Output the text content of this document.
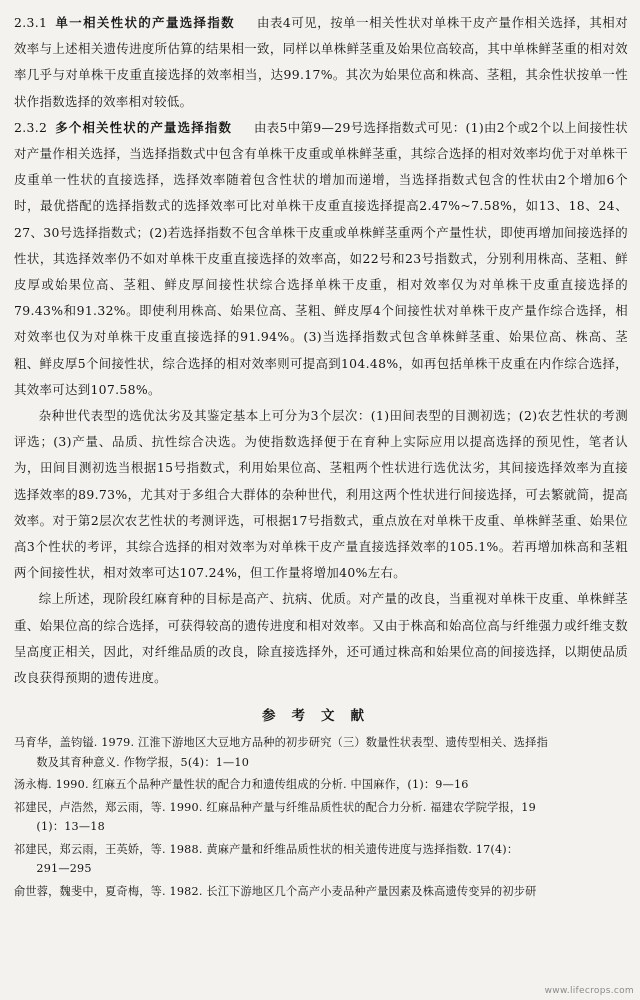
2.3.1 单一相关性状的产量选择指数 由表4可见，按单一相关性状对单株干皮产量作相关选择，其相对效率与上述相关遗传进度所估算的结果相一致，同样以单株鲜茎重及始果位高较高，其中单株鲜茎重的相对效率几乎与对单株干皮重直接选择的效率相当，达99.17%。其次为始果位高和株高、茎粗，其余性状按单一性状作指数选择的效率相对较低。

2.3.2 多个相关性状的产量选择指数 由表5中第9—29号选择指数式可见：(1)由2个或2个以上间接性状对产量作相关选择，当选择指数式中包含有单株干皮重或单株鲜茎重，其综合选择的相对效率均优于对单株干皮重单一性状的直接选择，选择效率随着包含性状的增加而递增，当选择指数式包含的性状由2个增加6个时，最优搭配的选择指数式的选择效率可比对单株干皮重直接选择提高2.47%~7.58%，如13、18、24、27、30号选择指数式；(2)若选择指数不包含单株干皮重或单株鲜茎重两个产量性状，即使再增加间接选择的性状，其选择效率仍不如对单株干皮重直接选择的效率高，如22号和23号指数式，分别利用株高、茎粗、鲜皮厚或始果位高、茎粗、鲜皮厚间接性状综合选择单株干皮重，相对效率仅为对单株干皮重直接选择的79.43%和91.32%。即使利用株高、始果位高、茎粗、鲜皮厚4个间接性状对单株干皮产量作综合选择，相对效率也仅为对单株干皮重直接选择的91.94%。(3)当选择指数式包含单株鲜茎重、始果位高、株高、茎粗、鲜皮厚5个间接性状，综合选择的相对效率则可提高到104.48%，如再包括单株干皮重在内作综合选择，其效率可达到107.58%。

杂种世代表型的选优汰劣及其鉴定基本上可分为3个层次：(1)田间表型的目测初选；(2)农艺性状的考测评选；(3)产量、品质、抗性综合决选。为使指数选择便于在育种上实际应用以提高选择的预见性，笔者认为，田间目测初选当根据15号指数式，利用始果位高、茎粗两个性状进行选优汰劣，其间接选择效率为直接选择效率的89.73%，尤其对于多组合大群体的杂种世代，利用这两个性状进行间接选择，可去繁就简，提高效率。对于第2层次农艺性状的考测评选，可根据17号指数式，重点放在对单株干皮重、单株鲜茎重、始果位高3个性状的考评，其综合选择的相对效率为对单株干皮产量直接选择效率的105.1%。若再增加株高和茎粗两个间接性状，相对效率可达107.24%，但工作量将增加40%左右。

综上所述，现阶段红麻育种的目标是高产、抗病、优质。对产量的改良，当重视对单株干皮重、单株鲜茎重、始果位高的综合选择，可获得较高的遗传进度和相对效率。又由于株高和始高位高与纤维强力或纤维支数呈高度正相关，因此，对纤维品质的改良，除直接选择外，还可通过株高和始果位高的间接选择，以期使品质改良获得预期的遗传进度。

参考文献

马育华，盖钧镒. 1979. 江淮下游地区大豆地方品种的初步研究（三）数量性状表型、遗传型相关、选择指
数及其育种意义. 作物学报，5(4)：1—10

汤永梅. 1990. 红麻五个品种产量性状的配合力和遗传组成的分析. 中国麻作，(1)：9—16

祁建民，卢浩然，郑云雨，等. 1990. 红麻品种产量与纤维品质性状的配合力分析. 福建农学院学报，19
(1)：13—18

祁建民，郑云雨，王英娇，等. 1988. 黄麻产量和纤维品质性状的相关遗传进度与选择指数. 17(4)：
291—295

俞世蓉，魏斐中，夏奇梅，等. 1982. 长江下游地区几个高产小麦品种产量因素及株高遗传变异的初步研

www.lifecrops.com
